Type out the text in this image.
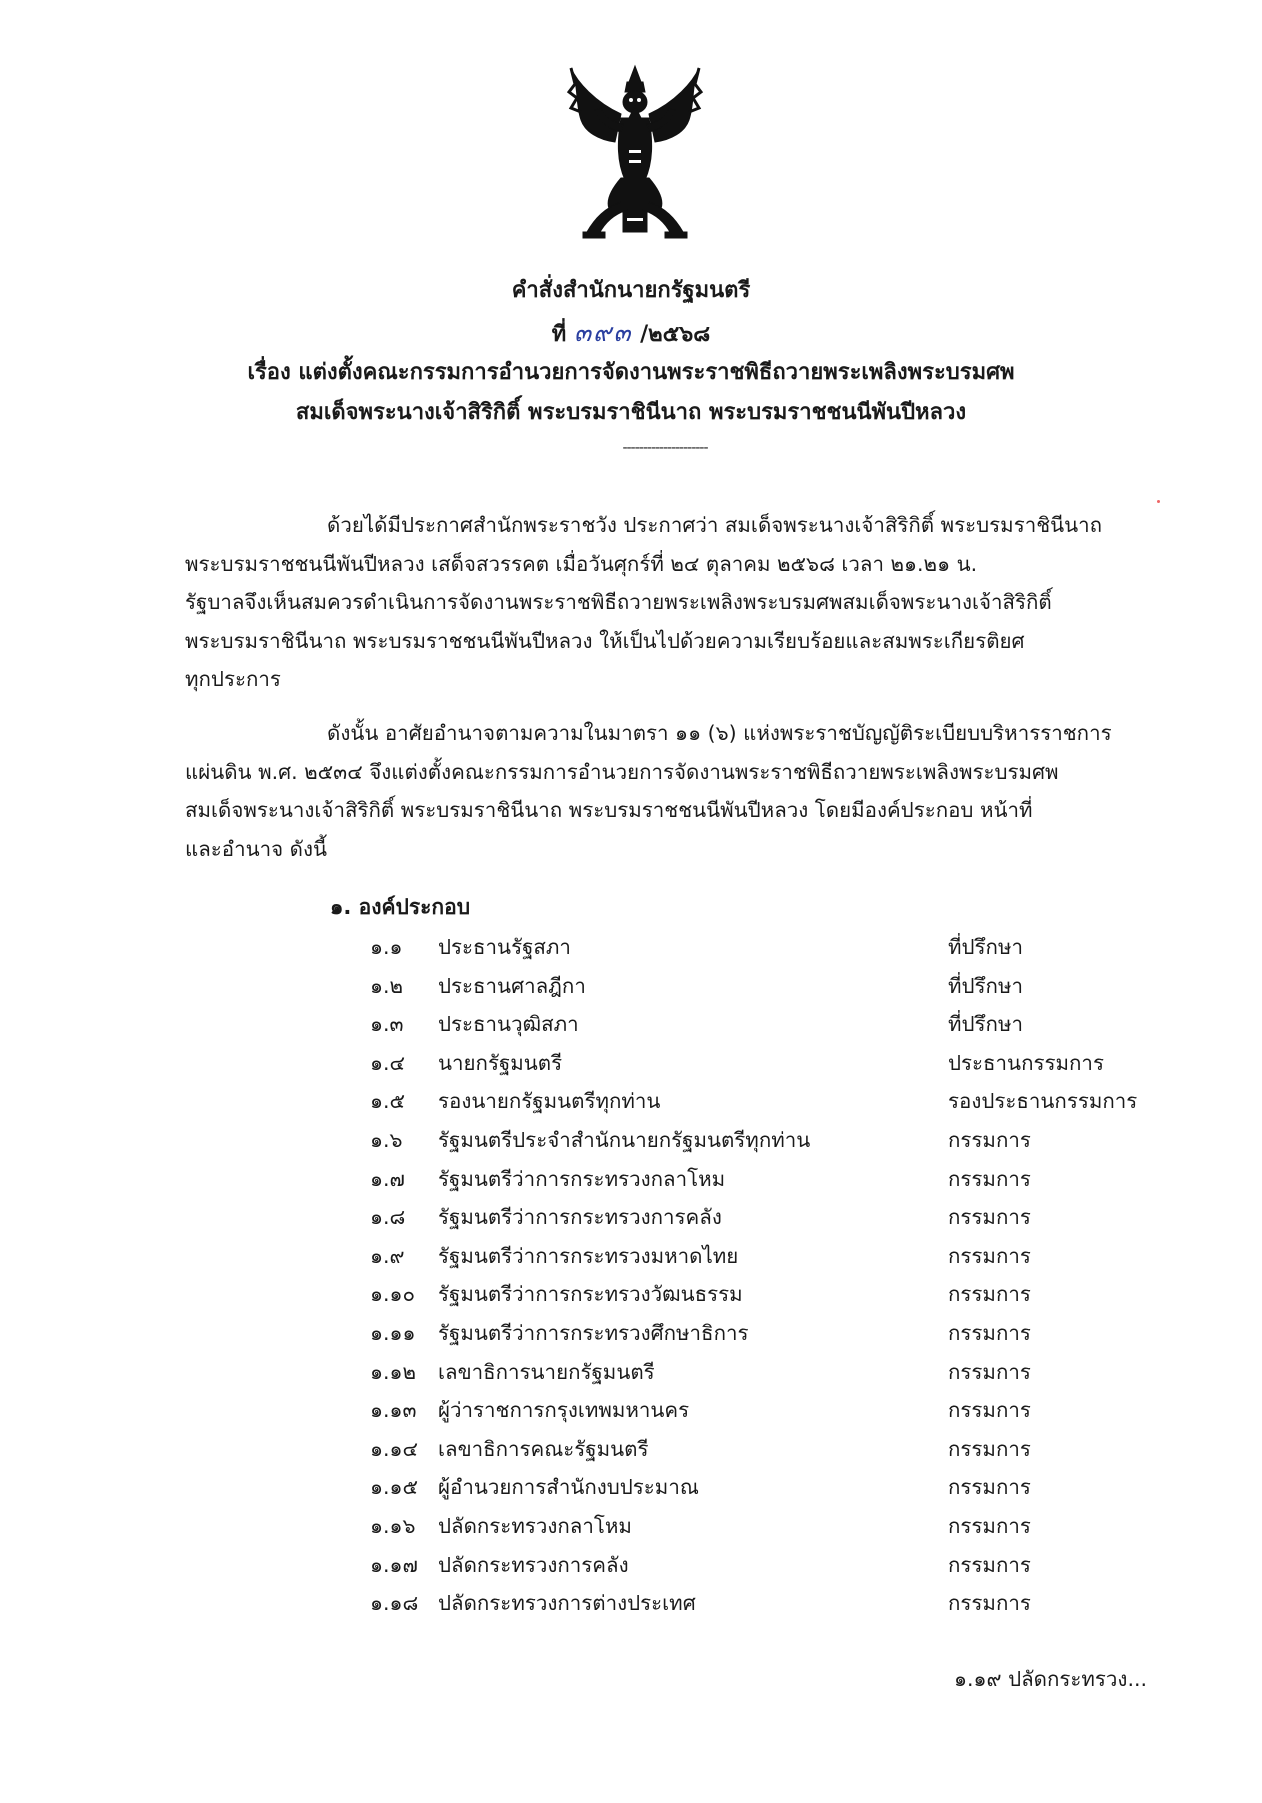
คำสั่งสำนักนายกรัฐมนตรี
ที่ ๓๙๓ /๒๕๖๘
เรื่อง แต่งตั้งคณะกรรมการอำนวยการจัดงานพระราชพิธีถวายพระเพลิงพระบรมศพ
สมเด็จพระนางเจ้าสิริกิติ์ พระบรมราชินีนาถ พระบรมราชชนนีพันปีหลวง
---------------------
ด้วยได้มีประกาศสำนักพระราชวัง ประกาศว่า สมเด็จพระนางเจ้าสิริกิติ์ พระบรมราชินีนาถ
พระบรมราชชนนีพันปีหลวง เสด็จสวรรคต เมื่อวันศุกร์ที่ ๒๔ ตุลาคม ๒๕๖๘ เวลา ๒๑.๒๑ น.
รัฐบาลจึงเห็นสมควรดำเนินการจัดงานพระราชพิธีถวายพระเพลิงพระบรมศพสมเด็จพระนางเจ้าสิริกิติ์
พระบรมราชินีนาถ พระบรมราชชนนีพันปีหลวง ให้เป็นไปด้วยความเรียบร้อยและสมพระเกียรติยศ
ทุกประการ
ดังนั้น อาศัยอำนาจตามความในมาตรา ๑๑ (๖) แห่งพระราชบัญญัติระเบียบบริหารราชการ
แผ่นดิน พ.ศ. ๒๕๓๔ จึงแต่งตั้งคณะกรรมการอำนวยการจัดงานพระราชพิธีถวายพระเพลิงพระบรมศพ
สมเด็จพระนางเจ้าสิริกิติ์ พระบรมราชินีนาถ พระบรมราชชนนีพันปีหลวง โดยมีองค์ประกอบ หน้าที่
และอำนาจ ดังนี้
๑. องค์ประกอบ
๑.๑	ประธานรัฐสภา	ที่ปรึกษา
๑.๒	ประธานศาลฎีกา	ที่ปรึกษา
๑.๓	ประธานวุฒิสภา	ที่ปรึกษา
๑.๔	นายกรัฐมนตรี	ประธานกรรมการ
๑.๕	รองนายกรัฐมนตรีทุกท่าน	รองประธานกรรมการ
๑.๖	รัฐมนตรีประจำสำนักนายกรัฐมนตรีทุกท่าน	กรรมการ
๑.๗	รัฐมนตรีว่าการกระทรวงกลาโหม	กรรมการ
๑.๘	รัฐมนตรีว่าการกระทรวงการคลัง	กรรมการ
๑.๙	รัฐมนตรีว่าการกระทรวงมหาดไทย	กรรมการ
๑.๑๐	รัฐมนตรีว่าการกระทรวงวัฒนธรรม	กรรมการ
๑.๑๑	รัฐมนตรีว่าการกระทรวงศึกษาธิการ	กรรมการ
๑.๑๒	เลขาธิการนายกรัฐมนตรี	กรรมการ
๑.๑๓	ผู้ว่าราชการกรุงเทพมหานคร	กรรมการ
๑.๑๔ เลขาธิการคณะรัฐมนตรี	กรรมการ
๑.๑๕ ผู้อำนวยการสำนักงบประมาณ	กรรมการ
๑.๑๖	ปลัดกระทรวงกลาโหม	กรรมการ
๑.๑๗ ปลัดกระทรวงการคลัง	กรรมการ
๑.๑๘ ปลัดกระทรวงการต่างประเทศ	กรรมการ
๑.๑๙ ปลัดกระทรวง...
